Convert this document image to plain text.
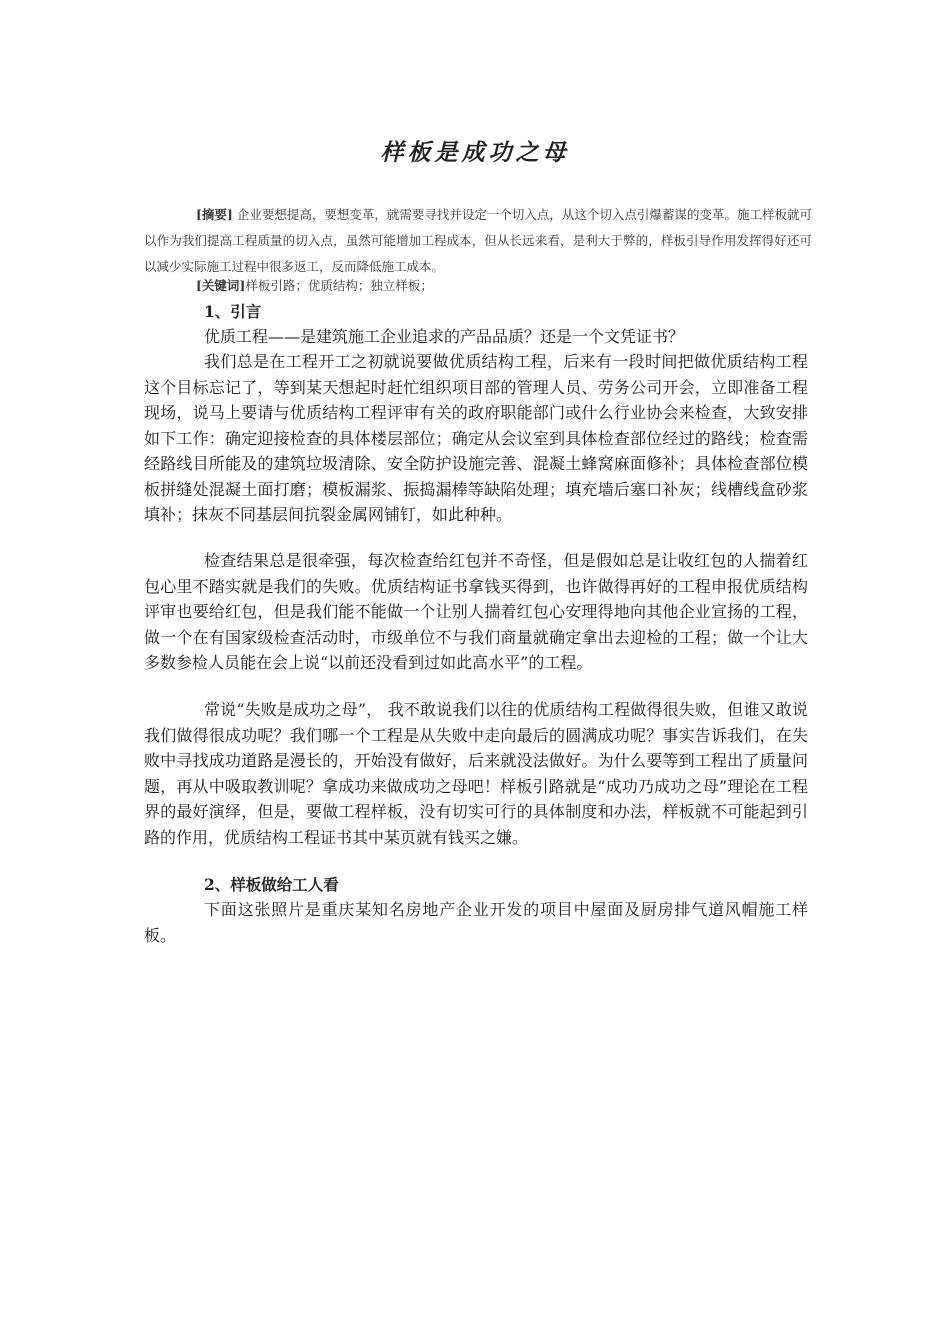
样板是成功之母

[摘要] 企业要想提高，要想变革，就需要寻找并设定一个切入点，从这个切入点引爆蓄谋的变革。施工样板就可以作为我们提高工程质量的切入点，虽然可能增加工程成本，但从长远来看，是利大于弊的，样板引导作用发挥得好还可以减少实际施工过程中很多返工，反而降低施工成本。

[关键词]样板引路；优质结构；独立样板；

1、引言

优质工程——是建筑施工企业追求的产品品质？还是一个文凭证书？

我们总是在工程开工之初就说要做优质结构工程，后来有一段时间把做优质结构工程这个目标忘记了，等到某天想起时赶忙组织项目部的管理人员、劳务公司开会，立即准备工程现场，说马上要请与优质结构工程评审有关的政府职能部门或什么行业协会来检查，大致安排如下工作：确定迎接检查的具体楼层部位；确定从会议室到具体检查部位经过的路线；检查需经路线目所能及的建筑垃圾清除、安全防护设施完善、混凝土蜂窝麻面修补；具体检查部位模板拼缝处混凝土面打磨；模板漏浆、振捣漏棒等缺陷处理；填充墙后塞口补灰；线槽线盒砂浆填补；抹灰不同基层间抗裂金属网铺钉，如此种种。

检查结果总是很牵强，每次检查给红包并不奇怪，但是假如总是让收红包的人揣着红包心里不踏实就是我们的失败。优质结构证书拿钱买得到，也许做得再好的工程申报优质结构评审也要给红包，但是我们能不能做一个让别人揣着红包心安理得地向其他企业宣扬的工程，做一个在有国家级检查活动时，市级单位不与我们商量就确定拿出去迎检的工程；做一个让大多数参检人员能在会上说“以前还没看到过如此高水平”的工程。

常说“失败是成功之母”， 我不敢说我们以往的优质结构工程做得很失败，但谁又敢说我们做得很成功呢？我们哪一个工程是从失败中走向最后的圆满成功呢？事实告诉我们，在失败中寻找成功道路是漫长的，开始没有做好，后来就没法做好。为什么要等到工程出了质量问题，再从中吸取教训呢？拿成功来做成功之母吧！样板引路就是“成功乃成功之母”理论在工程界的最好演绎，但是，要做工程样板，没有切实可行的具体制度和办法，样板就不可能起到引路的作用，优质结构工程证书其中某页就有钱买之嫌。

2、样板做给工人看

下面这张照片是重庆某知名房地产企业开发的项目中屋面及厨房排气道风帽施工样板。
